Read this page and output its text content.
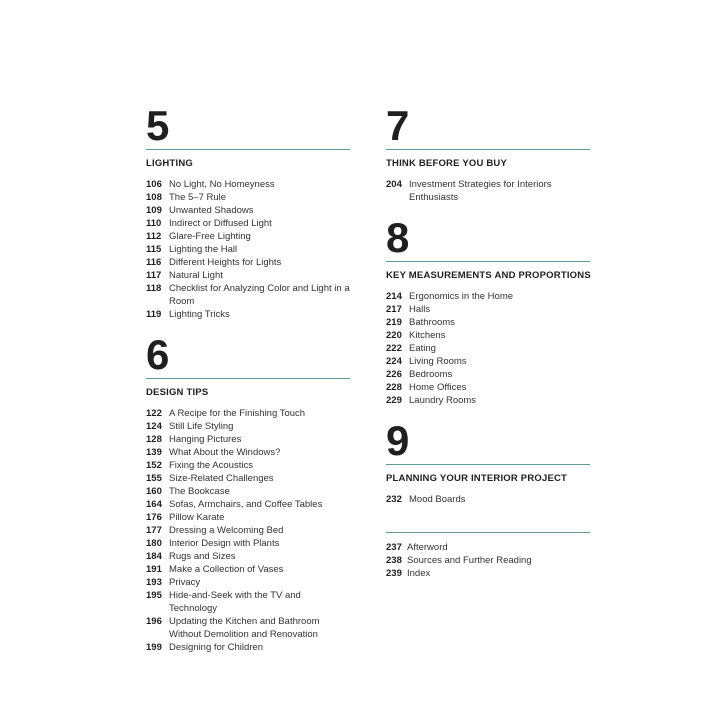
5
LIGHTING
106 No Light, No Homeyness
108 The 5–7 Rule
109 Unwanted Shadows
110 Indirect or Diffused Light
112 Glare-Free Lighting
115 Lighting the Hall
116 Different Heights for Lights
117 Natural Light
118 Checklist for Analyzing Color and Light in a Room
119 Lighting Tricks
6
DESIGN TIPS
122 A Recipe for the Finishing Touch
124 Still Life Styling
128 Hanging Pictures
139 What About the Windows?
152 Fixing the Acoustics
155 Size-Related Challenges
160 The Bookcase
164 Sofas, Armchairs, and Coffee Tables
176 Pillow Karate
177 Dressing a Welcoming Bed
180 Interior Design with Plants
184 Rugs and Sizes
191 Make a Collection of Vases
193 Privacy
195 Hide-and-Seek with the TV and Technology
196 Updating the Kitchen and Bathroom Without Demolition and Renovation
199 Designing for Children
7
THINK BEFORE YOU BUY
204 Investment Strategies for Interiors Enthusiasts
8
KEY MEASUREMENTS AND PROPORTIONS
214 Ergonomics in the Home
217 Halls
219 Bathrooms
220 Kitchens
222 Eating
224 Living Rooms
226 Bedrooms
228 Home Offices
229 Laundry Rooms
9
PLANNING YOUR INTERIOR PROJECT
232 Mood Boards
237 Afterword
238 Sources and Further Reading
239 Index
